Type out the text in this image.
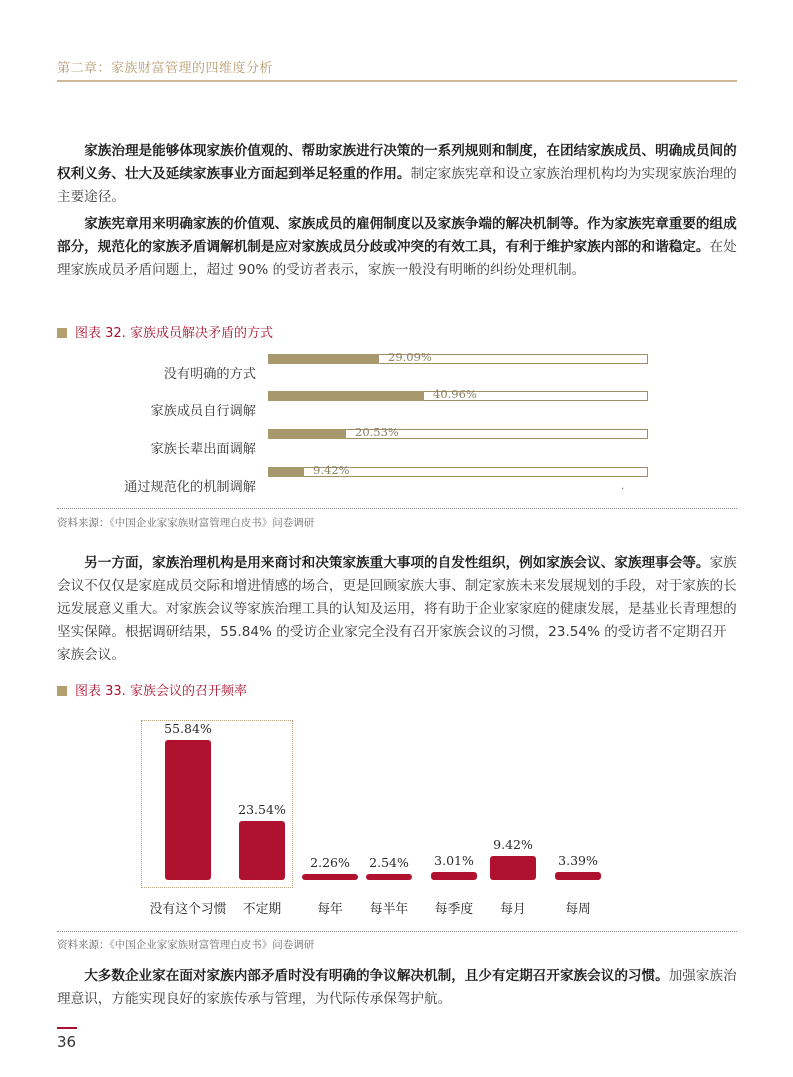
第二章：家族财富管理的四维度分析

家族治理是能够体现家族价值观的、帮助家族进行决策的一系列规则和制度，在团结家族成员、明确成员间的权利义务、壮大及延续家族事业方面起到举足轻重的作用。制定家族宪章和设立家族治理机构均为实现家族治理的主要途径。

家族宪章用来明确家族的价值观、家族成员的雇佣制度以及家族争端的解决机制等。作为家族宪章重要的组成部分，规范化的家族矛盾调解机制是应对家族成员分歧或冲突的有效工具，有利于维护家族内部的和谐稳定。在处理家族成员矛盾问题上，超过 90% 的受访者表示，家族一般没有明晰的纠纷处理机制。

图表 32. 家族成员解决矛盾的方式
没有明确的方式
29.09%
家族成员自行调解
40.96%
家族长辈出面调解
20.53%
通过规范化的机制调解
9.42%
.
资料来源：《中国企业家家族财富管理白皮书》问卷调研

另一方面，家族治理机构是用来商讨和决策家族重大事项的自发性组织，例如家族会议、家族理事会等。家族会议不仅仅是家庭成员交际和增进情感的场合，更是回顾家族大事、制定家族未来发展规划的手段，对于家族的长远发展意义重大。对家族会议等家族治理工具的认知及运用，将有助于企业家家庭的健康发展，是基业长青理想的坚实保障。根据调研结果，55.84% 的受访企业家完全没有召开家族会议的习惯，23.54% 的受访者不定期召开家族会议。

图表 33. 家族会议的召开频率
55.84%
没有这个习惯
23.54%
不定期
2.26%
每年
2.54%
每半年
3.01%
每季度
9.42%
每月
3.39%
每周
资料来源：《中国企业家家族财富管理白皮书》问卷调研

大多数企业家在面对家族内部矛盾时没有明确的争议解决机制，且少有定期召开家族会议的习惯。加强家族治理意识，方能实现良好的家族传承与管理，为代际传承保驾护航。

36
